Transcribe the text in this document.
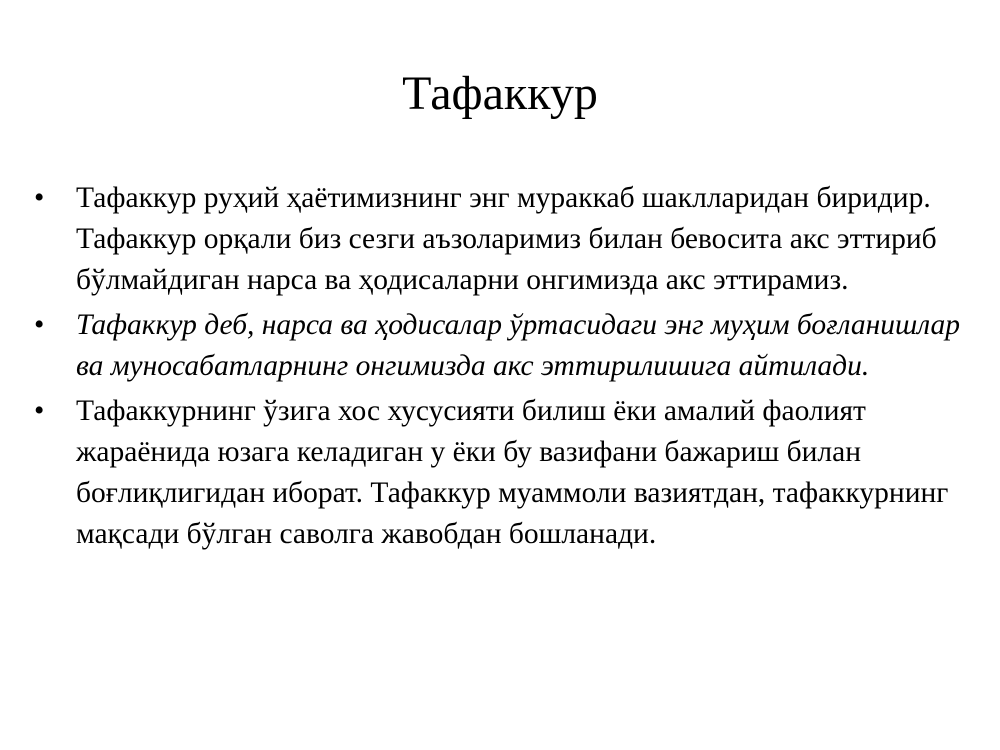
Тафаккур
•	Тафаккур руҳий ҳаётимизнинг энг мураккаб шаклларидан биридир. Тафаккур орқали биз сезги аъзоларимиз билан бевосита акс эттириб бўлмайдиган нарса ва ҳодисаларни онгимизда акс эттирамиз.
•	Тафаккур деб, нарса ва ҳодисалар ўртасидаги энг муҳим боғланишлар ва муносабатларнинг онгимизда акс эттирилишига айтилади.
•	Тафаккурнинг ўзига хос хусусияти билиш ёки амалий фаолият жараёнида юзага келадиган у ёки бу вазифани бажариш билан боғлиқлигидан иборат. Тафаккур муаммоли вазиятдан, тафаккурнинг мақсади бўлган саволга жавобдан бошланади.
